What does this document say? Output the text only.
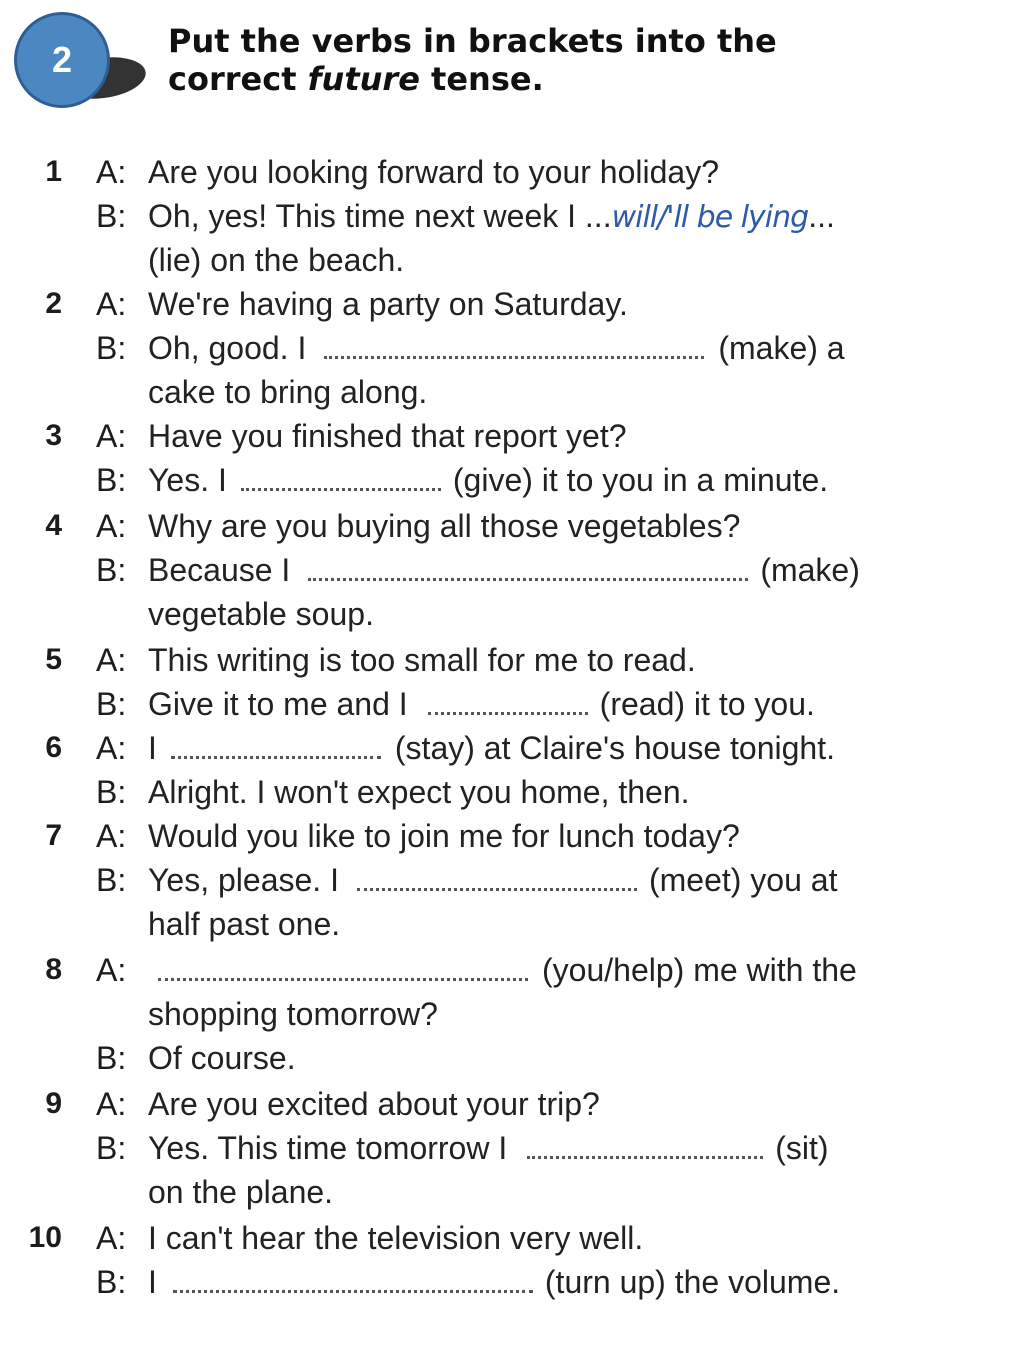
2	Put the verbs in brackets into the
correct future tense.
1 A: Are you looking forward to your holiday?
B: Oh, yes! This time next week I ...will/'ll be lying...
(lie) on the beach.
2 A: We're having a party on Saturday.
B: Oh, good. I	(make) a
cake to bring along.
3 A: Have you finished that report yet?
B: Yes. I	(give) it to you in a minute.
4 A: Why are you buying all those vegetables?
B: Because I	(make)
vegetable soup.
5 A: This writing is too small for me to read.
B: Give it to me and I	(read) it to you.
6 A: I	(stay) at Claire's house tonight.
B: Alright. I won't expect you home, then.
7 A: Would you like to join me for lunch today?
B: Yes, please. I	(meet) you at
half past one.
8 A:	(you/help) me with the
shopping tomorrow?
B: Of course.
9 A: Are you excited about your trip?
B: Yes. This time tomorrow I	(sit)
on the plane.
10 A: I can't hear the television very well.
B: I	(turn up) the volume.
